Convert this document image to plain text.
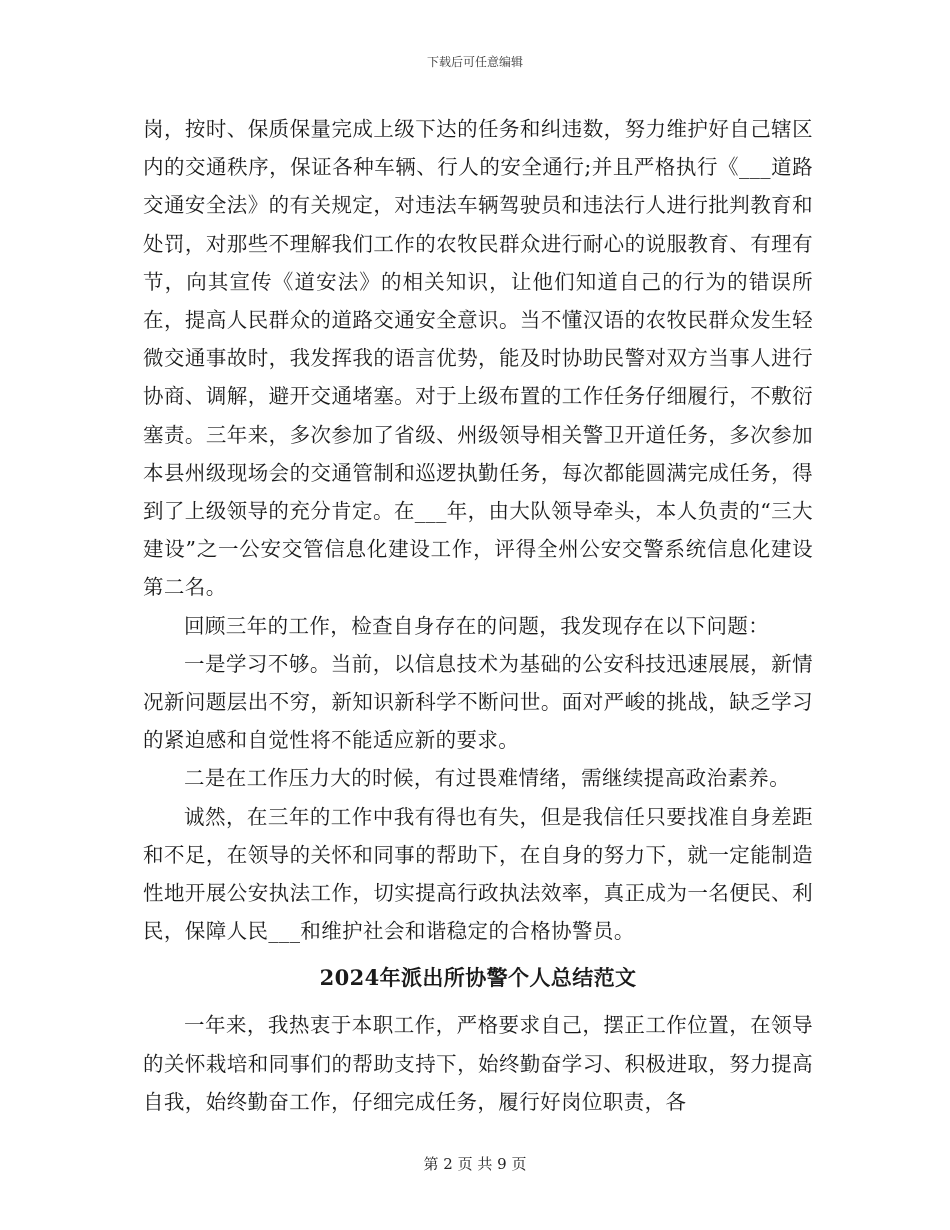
下载后可任意编辑

岗，按时、保质保量完成上级下达的任务和纠违数，努力维护好自己辖区内的交通秩序，保证各种车辆、行人的安全通行;并且严格执行《___道路交通安全法》的有关规定，对违法车辆驾驶员和违法行人进行批判教育和处罚，对那些不理解我们工作的农牧民群众进行耐心的说服教育、有理有节，向其宣传《道安法》的相关知识，让他们知道自己的行为的错误所在，提高人民群众的道路交通安全意识。当不懂汉语的农牧民群众发生轻微交通事故时，我发挥我的语言优势，能及时协助民警对双方当事人进行协商、调解，避开交通堵塞。对于上级布置的工作任务仔细履行，不敷衍塞责。三年来，多次参加了省级、州级领导相关警卫开道任务，多次参加本县州级现场会的交通管制和巡逻执勤任务，每次都能圆满完成任务，得到了上级领导的充分肯定。在___年，由大队领导牵头，本人负责的“三大建设”之一公安交管信息化建设工作，评得全州公安交警系统信息化建设第二名。

回顾三年的工作，检查自身存在的问题，我发现存在以下问题：

一是学习不够。当前，以信息技术为基础的公安科技迅速展展，新情况新问题层出不穷，新知识新科学不断问世。面对严峻的挑战，缺乏学习的紧迫感和自觉性将不能适应新的要求。

二是在工作压力大的时候，有过畏难情绪，需继续提高政治素养。

诚然，在三年的工作中我有得也有失，但是我信任只要找准自身差距和不足，在领导的关怀和同事的帮助下，在自身的努力下，就一定能制造性地开展公安执法工作，切实提高行政执法效率，真正成为一名便民、利民，保障人民___和维护社会和谐稳定的合格协警员。

2024年派出所协警个人总结范文

一年来，我热衷于本职工作，严格要求自己，摆正工作位置，在领导的关怀栽培和同事们的帮助支持下，始终勤奋学习、积极进取，努力提高自我，始终勤奋工作，仔细完成任务，履行好岗位职责，各

第 2 页 共 9 页
